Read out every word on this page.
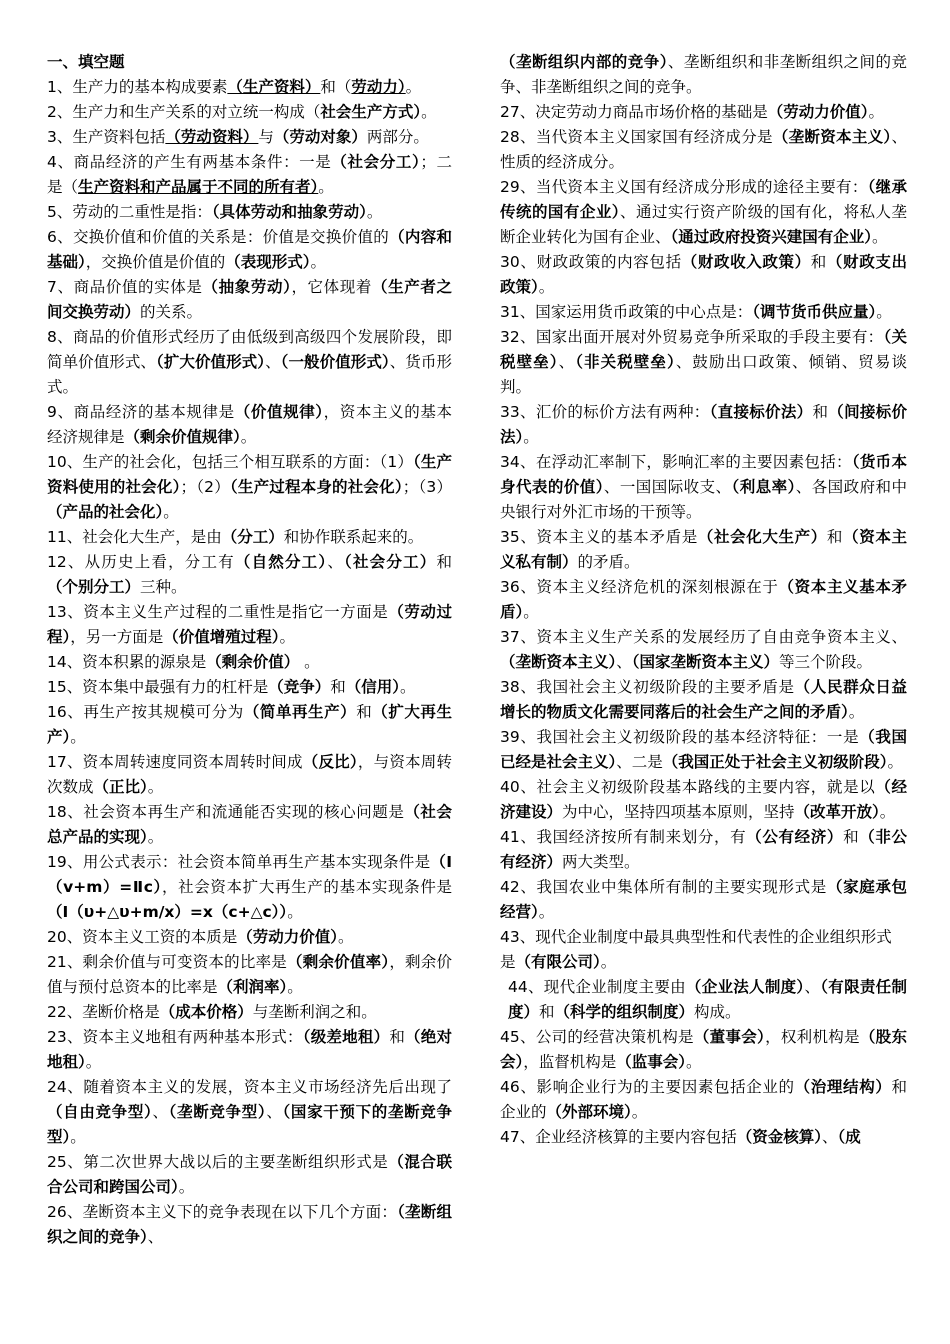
一、填空题
1、生产力的基本构成要素（生产资料）和（劳动力）。
2、生产力和生产关系的对立统一构成（社会生产方式）。
3、生产资料包括（劳动资料）与（劳动对象）两部分。
4、商品经济的产生有两基本条件：一是（社会分工）；二是（生产资料和产品属于不同的所有者）。
5、劳动的二重性是指：（具体劳动和抽象劳动）。
6、交换价值和价值的关系是：价值是交换价值的（内容和基础），交换价值是价值的（表现形式）。
7、商品价值的实体是（抽象劳动），它体现着（生产者之间交换劳动）的关系。
8、商品的价值形式经历了由低级到高级四个发展阶段，即简单价值形式、（扩大价值形式）、（一般价值形式）、货币形式。
9、商品经济的基本规律是（价值规律），资本主义的基本经济规律是（剩余价值规律）。
10、生产的社会化，包括三个相互联系的方面：（1）（生产资料使用的社会化）；（2）（生产过程本身的社会化）；（3）（产品的社会化）。
11、社会化大生产，是由（分工）和协作联系起来的。
12、从历史上看，分工有（自然分工）、（社会分工）和（个别分工）三种。
13、资本主义生产过程的二重性是指它一方面是（劳动过程），另一方面是（价值增殖过程）。
14、资本积累的源泉是（剩余价值） 。
15、资本集中最强有力的杠杆是（竞争）和（信用）。
16、再生产按其规模可分为（简单再生产）和（扩大再生产）。
17、资本周转速度同资本周转时间成（反比），与资本周转次数成（正比）。
18、社会资本再生产和流通能否实现的核心问题是（社会总产品的实现）。
19、用公式表示：社会资本简单再生产基本实现条件是（Ⅰ（v+m）=Ⅱc），社会资本扩大再生产的基本实现条件是（Ⅰ（υ+△υ+m/x）=x（c+△c））。
20、资本主义工资的本质是（劳动力价值）。
21、剩余价值与可变资本的比率是（剩余价值率），剩余价值与预付总资本的比率是（利润率）。
22、垄断价格是（成本价格）与垄断利润之和。
23、资本主义地租有两种基本形式：（级差地租）和（绝对地租）。
24、随着资本主义的发展，资本主义市场经济先后出现了（自由竞争型）、（垄断竞争型）、（国家干预下的垄断竞争型）。
25、第二次世界大战以后的主要垄断组织形式是（混合联合公司和跨国公司）。
26、垄断资本主义下的竞争表现在以下几个方面：（垄断组织之间的竞争）、
（垄断组织内部的竞争）、垄断组织和非垄断组织之间的竞争、非垄断组织之间的竞争。
27、决定劳动力商品市场价格的基础是（劳动力价值）。
28、当代资本主义国家国有经济成分是（垄断资本主义）、性质的经济成分。
29、当代资本主义国有经济成分形成的途径主要有：（继承传统的国有企业）、通过实行资产阶级的国有化，将私人垄断企业转化为国有企业、（通过政府投资兴建国有企业）。
30、财政政策的内容包括（财政收入政策）和（财政支出政策）。
31、国家运用货币政策的中心点是：（调节货币供应量）。
32、国家出面开展对外贸易竞争所采取的手段主要有：（关税壁垒）、（非关税壁垒）、鼓励出口政策、倾销、贸易谈判。
33、汇价的标价方法有两种：（直接标价法）和（间接标价法）。
34、在浮动汇率制下，影响汇率的主要因素包括：（货币本身代表的价值）、一国国际收支、（利息率）、各国政府和中央银行对外汇市场的干预等。
35、资本主义的基本矛盾是（社会化大生产）和（资本主义私有制）的矛盾。
36、资本主义经济危机的深刻根源在于（资本主义基本矛盾）。
37、资本主义生产关系的发展经历了自由竞争资本主义、（垄断资本主义）、（国家垄断资本主义）等三个阶段。
38、我国社会主义初级阶段的主要矛盾是（人民群众日益增长的物质文化需要同落后的社会生产之间的矛盾）。
39、我国社会主义初级阶段的基本经济特征：一是（我国已经是社会主义）、二是（我国正处于社会主义初级阶段）。
40、社会主义初级阶段基本路线的主要内容，就是以（经济建设）为中心，坚持四项基本原则，坚持（改革开放）。
41、我国经济按所有制来划分，有（公有经济）和（非公有经济）两大类型。
42、我国农业中集体所有制的主要实现形式是（家庭承包经营）。
43、现代企业制度中最具典型性和代表性的企业组织形式
是（有限公司）。
44、现代企业制度主要由（企业法人制度）、（有限责任制度）和（科学的组织制度）构成。
45、公司的经营决策机构是（董事会），权利机构是（股东会），监督机构是（监事会）。
46、影响企业行为的主要因素包括企业的（治理结构）和企业的（外部环境）。
47、企业经济核算的主要内容包括（资金核算）、（成
